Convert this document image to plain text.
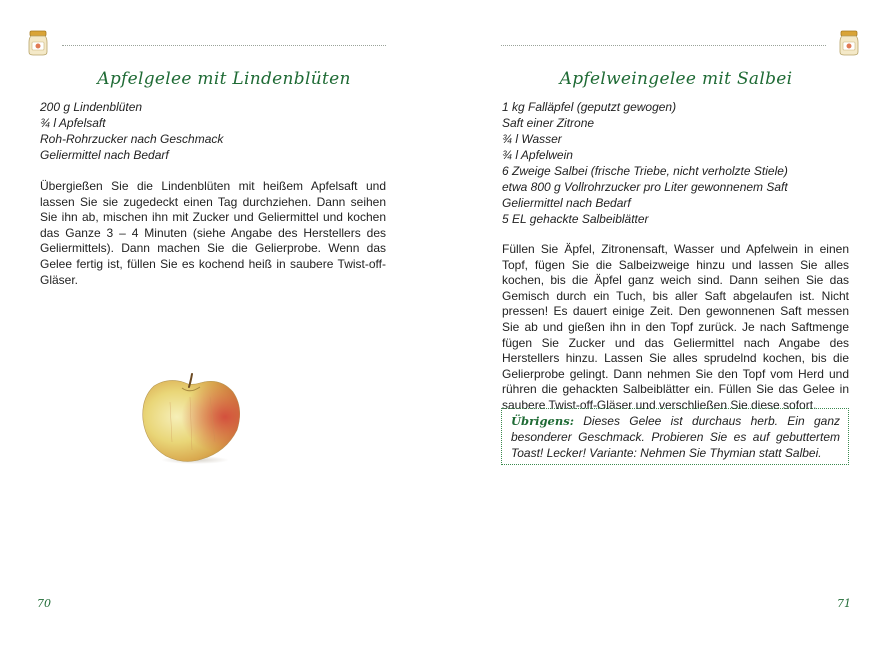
Apfelgelee mit Lindenblüten
200 g Lindenblüten
¾ l Apfelsaft
Roh-Rohrzucker nach Geschmack
Geliermittel nach Bedarf

Übergießen Sie die Lindenblüten mit heißem Apfelsaft und lassen Sie sie zugedeckt einen Tag durchziehen. Dann seihen Sie ihn ab, mischen ihn mit Zucker und Geliermittel und kochen das Ganze 3 – 4 Minuten (siehe Angabe des Herstellers des Geliermittels). Dann machen Sie die Gelierprobe. Wenn das Gelee fertig ist, füllen Sie es kochend heiß in saubere Twist-off-Gläser.

70
Apfelweingelee mit Salbei
1 kg Falläpfel (geputzt gewogen)
Saft einer Zitrone
¾ l Wasser
¾ l Apfelwein
6 Zweige Salbei (frische Triebe, nicht verholzte Stiele)
etwa 800 g Vollrohrzucker pro Liter gewonnenem Saft
Geliermittel nach Bedarf
5 EL gehackte Salbeiblätter

Füllen Sie Äpfel, Zitronensaft, Wasser und Apfelwein in einen Topf, fügen Sie die Salbeizweige hinzu und lassen Sie alles kochen, bis die Äpfel ganz weich sind. Dann seihen Sie das Gemisch durch ein Tuch, bis aller Saft abgelaufen ist. Nicht pressen! Es dauert einige Zeit. Den gewonnenen Saft messen Sie ab und gießen ihn in den Topf zurück. Je nach Saftmenge fügen Sie Zucker und das Geliermittel nach Angabe des Herstellers hinzu. Lassen Sie alles sprudelnd kochen, bis die Gelierprobe gelingt. Dann nehmen Sie den Topf vom Herd und rühren die gehackten Salbeiblätter ein. Füllen Sie das Gelee in saubere Twist-off-Gläser und verschließen Sie diese sofort.

Übrigens: Dieses Gelee ist durchaus herb. Ein ganz besonderer Geschmack. Probieren Sie es auf gebuttertem Toast! Lecker! Variante: Nehmen Sie Thymian statt Salbei.
71
